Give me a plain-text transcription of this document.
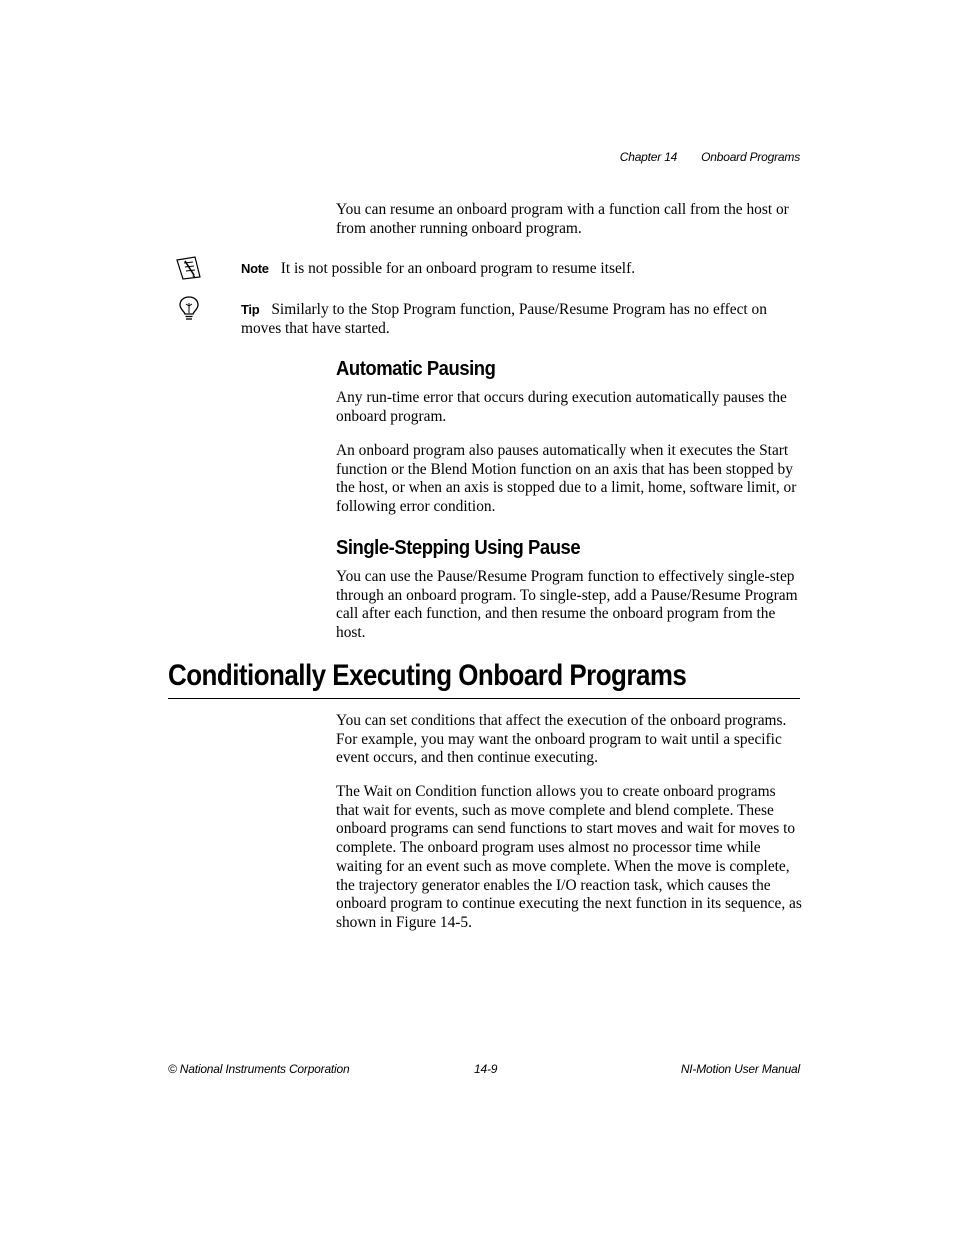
Chapter 14 Onboard Programs

You can resume an onboard program with a function call from the host or from another running onboard program.

Note It is not possible for an onboard program to resume itself.

Tip Similarly to the Stop Program function, Pause/Resume Program has no effect on moves that have started.

Automatic Pausing

Any run-time error that occurs during execution automatically pauses the onboard program.

An onboard program also pauses automatically when it executes the Start function or the Blend Motion function on an axis that has been stopped by the host, or when an axis is stopped due to a limit, home, software limit, or following error condition.

Single-Stepping Using Pause

You can use the Pause/Resume Program function to effectively single-step through an onboard program. To single-step, add a Pause/Resume Program call after each function, and then resume the onboard program from the host.

Conditionally Executing Onboard Programs

You can set conditions that affect the execution of the onboard programs. For example, you may want the onboard program to wait until a specific event occurs, and then continue executing.

The Wait on Condition function allows you to create onboard programs that wait for events, such as move complete and blend complete. These onboard programs can send functions to start moves and wait for moves to complete. The onboard program uses almost no processor time while waiting for an event such as move complete. When the move is complete, the trajectory generator enables the I/O reaction task, which causes the onboard program to continue executing the next function in its sequence, as shown in Figure 14-5.

© National Instruments Corporation	14-9	NI-Motion User Manual
